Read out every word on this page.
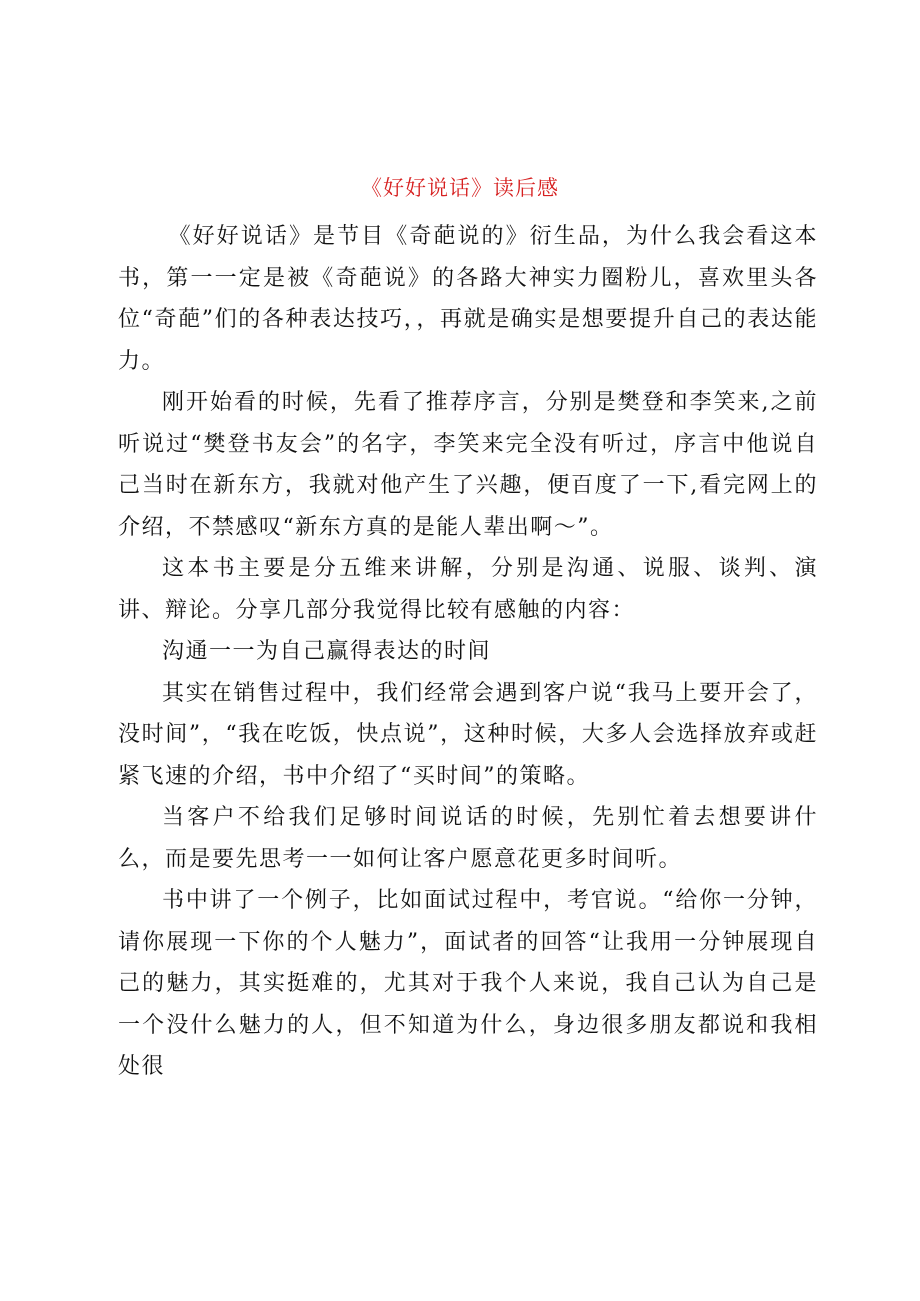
《好好说话》读后感

《好好说话》是节目《奇葩说的》衍生品，为什么我会看这本书，第一一定是被《奇葩说》的各路大神实力圈粉儿，喜欢里头各位“奇葩”们的各种表达技巧，，再就是确实是想要提升自己的表达能力。

刚开始看的时候，先看了推荐序言，分别是樊登和李笑来,之前听说过“樊登书友会”的名字，李笑来完全没有听过，序言中他说自己当时在新东方，我就对他产生了兴趣，便百度了一下,看完网上的介绍，不禁感叹“新东方真的是能人辈出啊～”。

这本书主要是分五维来讲解，分别是沟通、说服、谈判、演讲、辩论。分享几部分我觉得比较有感触的内容：

沟通一一为自己赢得表达的时间

其实在销售过程中，我们经常会遇到客户说“我马上要开会了，没时间”，“我在吃饭，快点说”，这种时候，大多人会选择放弃或赶紧飞速的介绍，书中介绍了“买时间”的策略。

当客户不给我们足够时间说话的时候，先别忙着去想要讲什么，而是要先思考一一如何让客户愿意花更多时间听。

书中讲了一个例子，比如面试过程中，考官说。“给你一分钟，请你展现一下你的个人魅力”，面试者的回答“让我用一分钟展现自己的魅力，其实挺难的，尤其对于我个人来说，我自己认为自己是一个没什么魅力的人，但不知道为什么，身边很多朋友都说和我相处很
